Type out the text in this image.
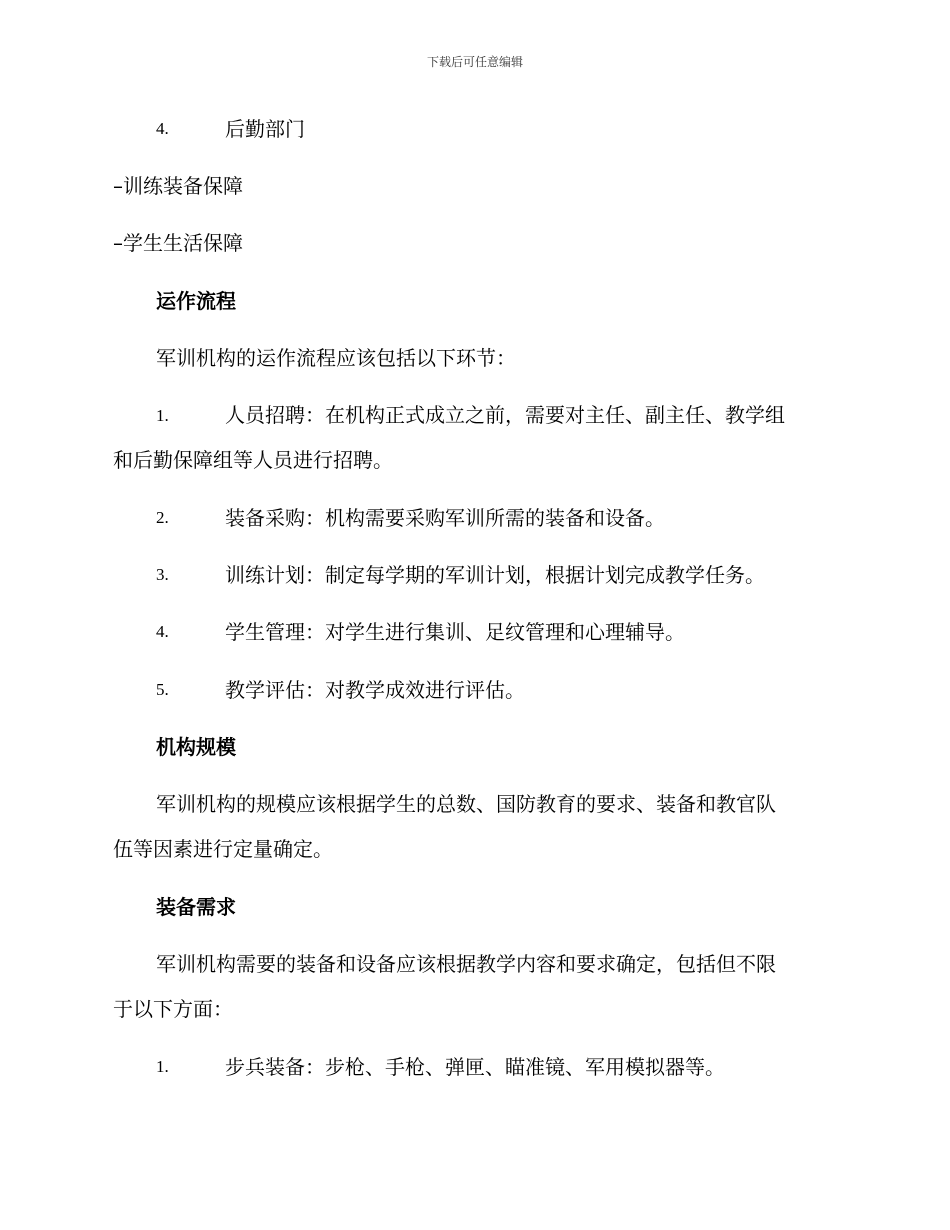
下载后可任意编辑
4.	后勤部门
–训练装备保障
–学生生活保障
运作流程
军训机构的运作流程应该包括以下环节：
1.	人员招聘：在机构正式成立之前，需要对主任、副主任、教学组
和后勤保障组等人员进行招聘。
2.	装备采购：机构需要采购军训所需的装备和设备。
3.	训练计划：制定每学期的军训计划，根据计划完成教学任务。
4.	学生管理：对学生进行集训、足纹管理和心理辅导。
5.	教学评估：对教学成效进行评估。
机构规模
军训机构的规模应该根据学生的总数、国防教育的要求、装备和教官队
伍等因素进行定量确定。
装备需求
军训机构需要的装备和设备应该根据教学内容和要求确定，包括但不限
于以下方面：
1.	步兵装备：步枪、手枪、弹匣、瞄准镜、军用模拟器等。
